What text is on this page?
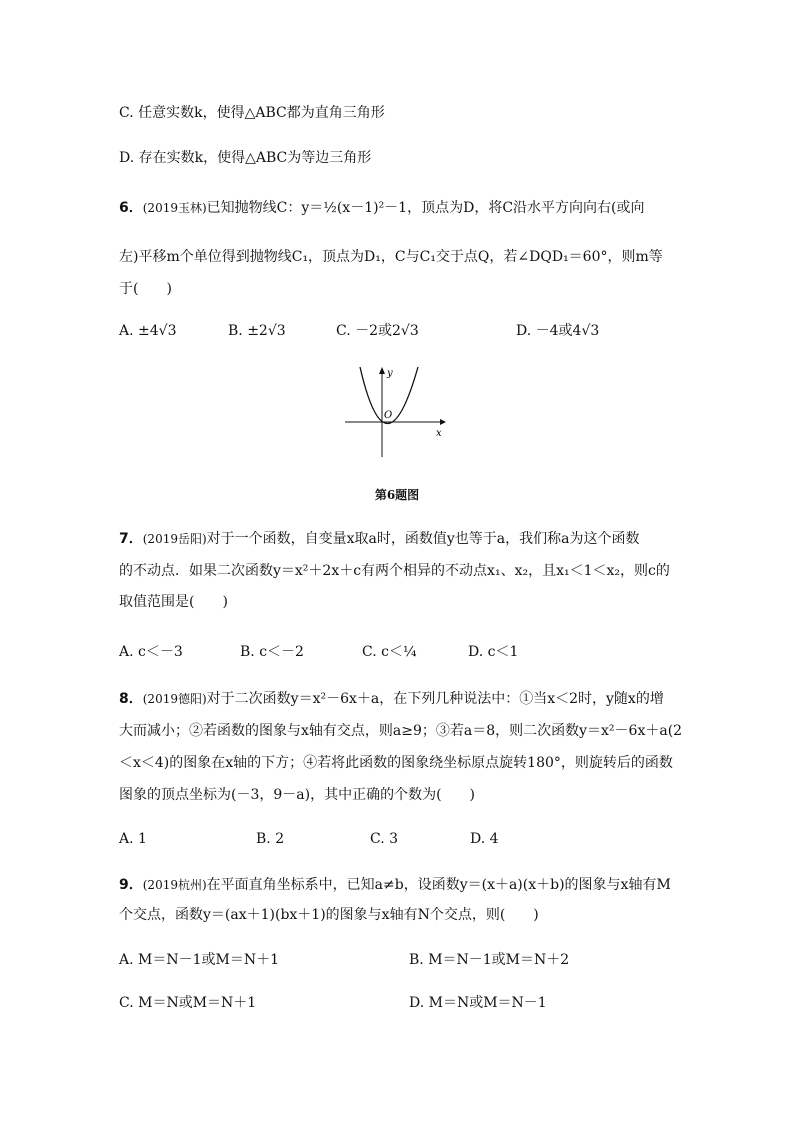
C. 任意实数k，使得△ABC都为直角三角形
D. 存在实数k，使得△ABC为等边三角形
6．(2019玉林)已知抛物线C：y＝½(x－1)²－1，顶点为D，将C沿水平方向向右(或向
左)平移m个单位得到抛物线C₁，顶点为D₁，C与C₁交于点Q，若∠DQD₁＝60°，则m等
于(　　)
A. ±4√3	B. ±2√3	C. －2或2√3	D. －4或4√3
x
y
O
第6题图
7．(2019岳阳)对于一个函数，自变量x取a时，函数值y也等于a，我们称a为这个函数
的不动点．如果二次函数y＝x²＋2x＋c有两个相异的不动点x₁、x₂，且x₁＜1＜x₂，则c的
取值范围是(　　)
A. c＜－3	B. c＜－2	C. c＜¼	D. c＜1
8．(2019德阳)对于二次函数y＝x²－6x＋a，在下列几种说法中：①当x＜2时，y随x的增
大而减小；②若函数的图象与x轴有交点，则a≥9；③若a＝8，则二次函数y＝x²－6x＋a(2
＜x＜4)的图象在x轴的下方；④若将此函数的图象绕坐标原点旋转180°，则旋转后的函数
图象的顶点坐标为(－3，9－a)，其中正确的个数为(　　)
A. 1	B. 2	C. 3	D. 4
9．(2019杭州)在平面直角坐标系中，已知a≠b，设函数y＝(x＋a)(x＋b)的图象与x轴有M
个交点，函数y＝(ax＋1)(bx＋1)的图象与x轴有N个交点，则(　　)
A. M＝N－1或M＝N＋1	B. M＝N－1或M＝N＋2
C. M＝N或M＝N＋1	D. M＝N或M＝N－1
